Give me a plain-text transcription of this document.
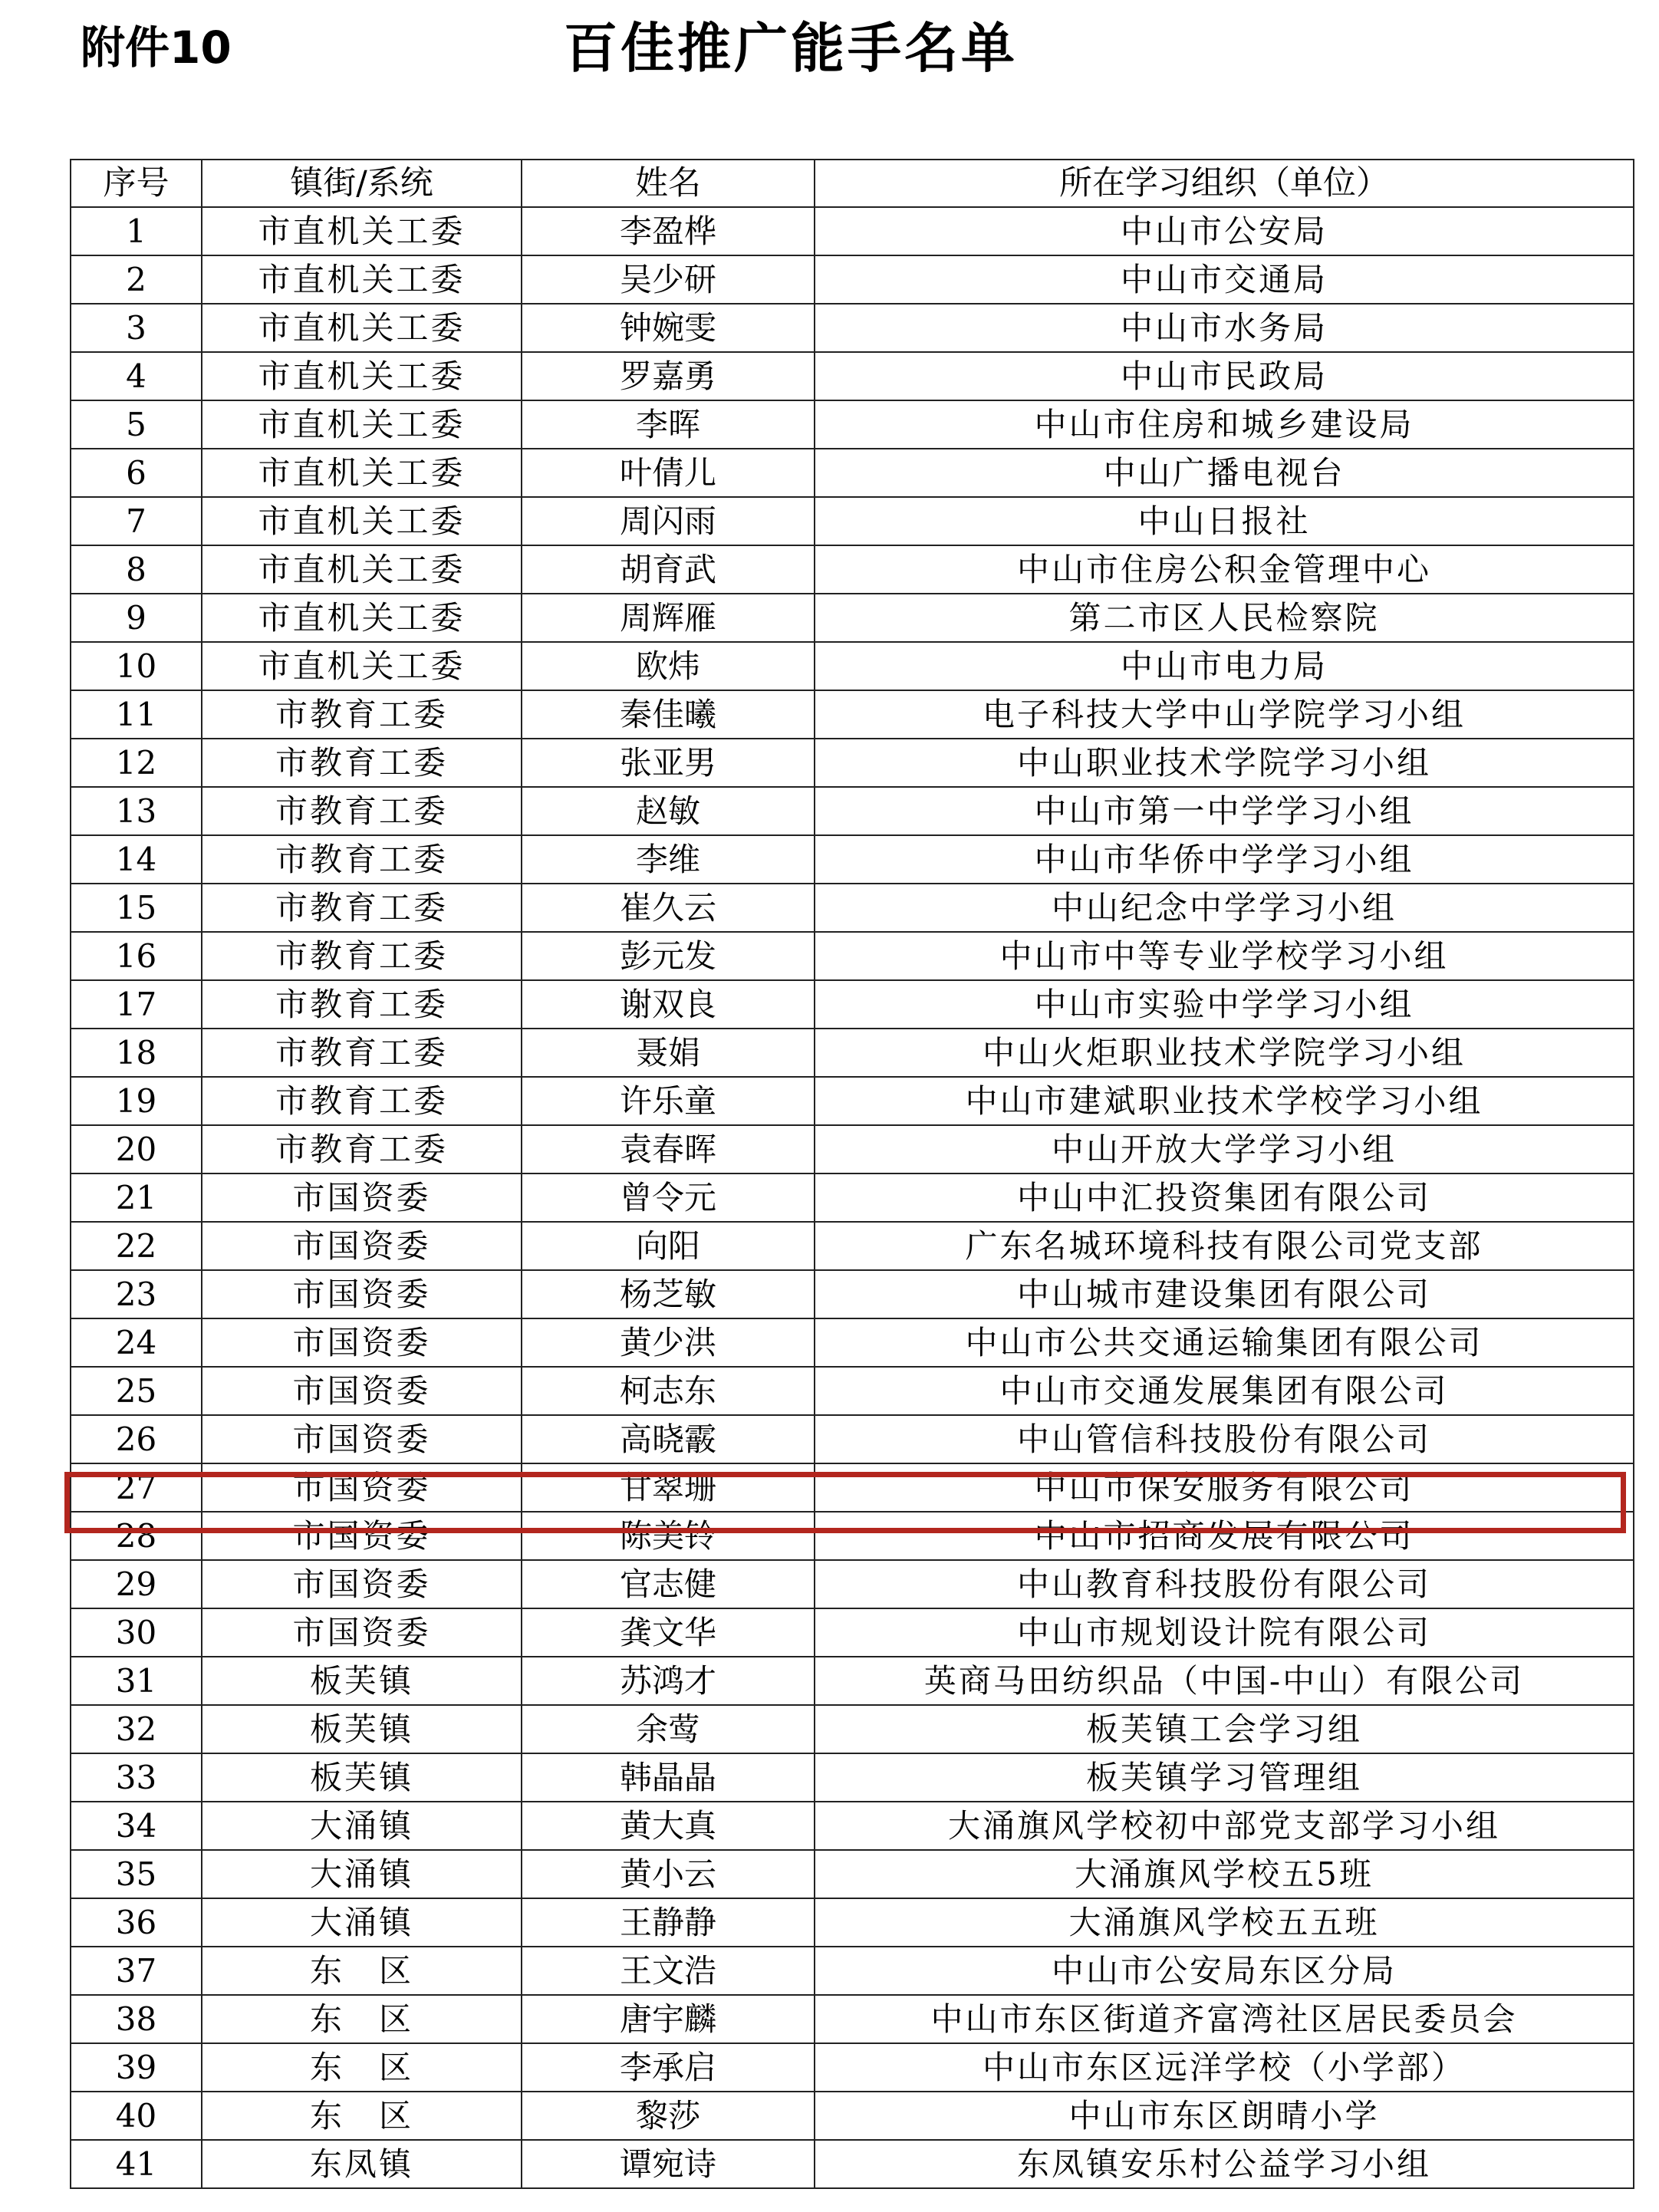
附件10	百佳推广能手名单
序号	镇街/系统	姓名	所在学习组织（单位）
1	市直机关工委	李盈桦	中山市公安局
2	市直机关工委	吴少研	中山市交通局
3	市直机关工委	钟婉雯	中山市水务局
4	市直机关工委	罗嘉勇	中山市民政局
5	市直机关工委	李晖	中山市住房和城乡建设局
6	市直机关工委	叶倩儿	中山广播电视台
7	市直机关工委	周闪雨	中山日报社
8	市直机关工委	胡育武	中山市住房公积金管理中心
9	市直机关工委	周辉雁	第二市区人民检察院
10	市直机关工委	欧炜	中山市电力局
11	市教育工委	秦佳曦	电子科技大学中山学院学习小组
12	市教育工委	张亚男	中山职业技术学院学习小组
13	市教育工委	赵敏	中山市第一中学学习小组
14	市教育工委	李维	中山市华侨中学学习小组
15	市教育工委	崔久云	中山纪念中学学习小组
16	市教育工委	彭元发	中山市中等专业学校学习小组
17	市教育工委	谢双良	中山市实验中学学习小组
18	市教育工委	聂娟	中山火炬职业技术学院学习小组
19	市教育工委	许乐童	中山市建斌职业技术学校学习小组
20	市教育工委	袁春晖	中山开放大学学习小组
21	市国资委	曾令元	中山中汇投资集团有限公司
22	市国资委	向阳	广东名城环境科技有限公司党支部
23	市国资委	杨芝敏	中山城市建设集团有限公司
24	市国资委	黄少洪	中山市公共交通运输集团有限公司
25	市国资委	柯志东	中山市交通发展集团有限公司
26	市国资委	高晓霰	中山管信科技股份有限公司
27	市国资委	甘翠珊	中山市保安服务有限公司
28	市国资委	陈美铃	中山市招商发展有限公司
29	市国资委	官志健	中山教育科技股份有限公司
30	市国资委	龚文华	中山市规划设计院有限公司
31	板芙镇	苏鸿才	英商马田纺织品（中国-中山）有限公司
32	板芙镇	余莺	板芙镇工会学习组
33	板芙镇	韩晶晶	板芙镇学习管理组
34	大涌镇	黄大真	大涌旗风学校初中部党支部学习小组
35	大涌镇	黄小云	大涌旗风学校五5班
36	大涌镇	王静静	大涌旗风学校五五班
37	东　区	王文浩	中山市公安局东区分局
38	东　区	唐宇麟	中山市东区街道齐富湾社区居民委员会
39	东　区	李承启	中山市东区远洋学校（小学部）
40	东　区	黎莎	中山市东区朗晴小学
41	东凤镇	谭宛诗	东凤镇安乐村公益学习小组
